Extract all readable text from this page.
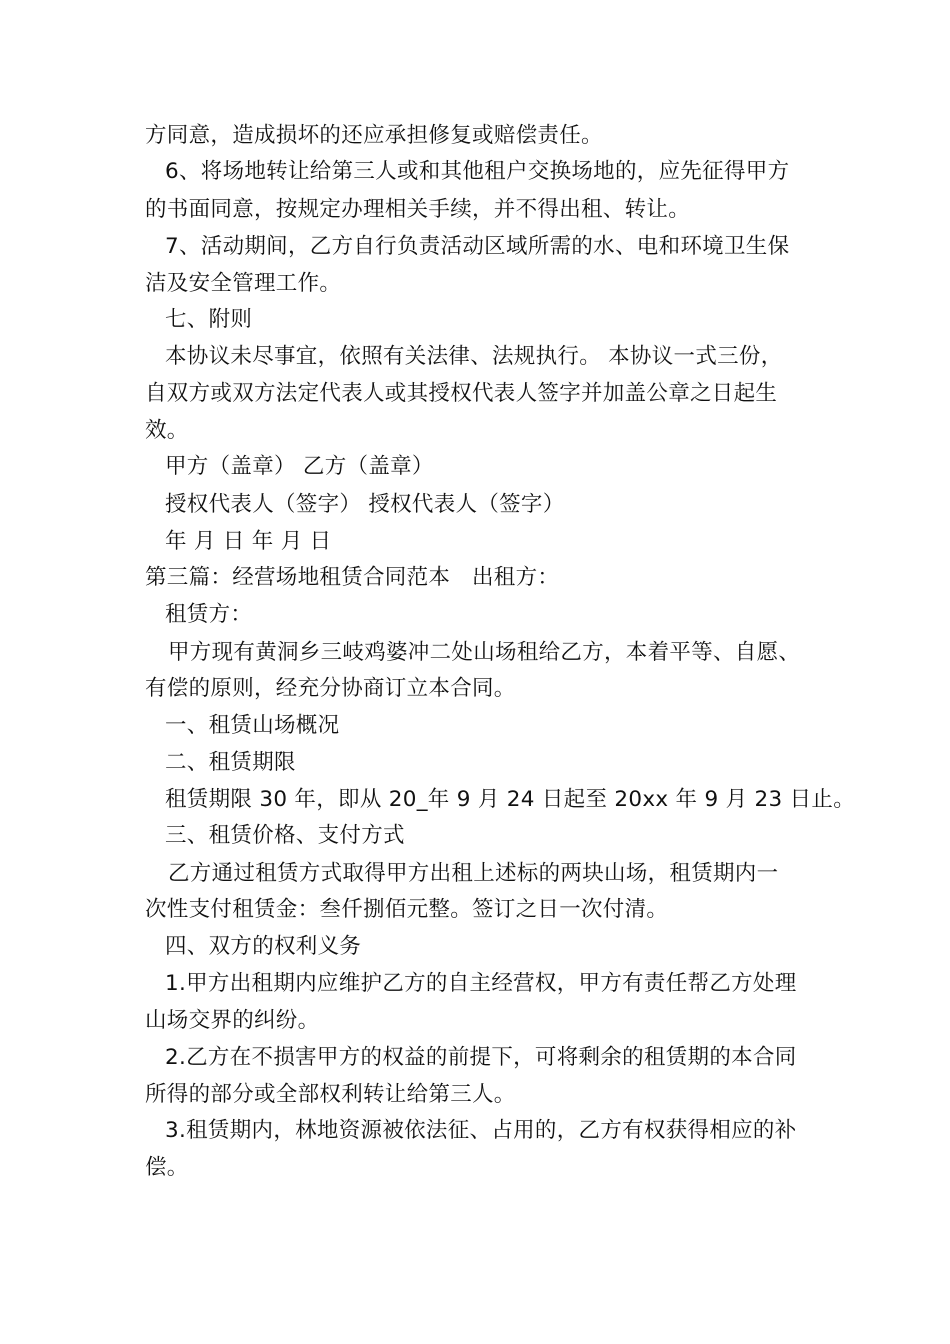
方同意，造成损坏的还应承担修复或赔偿责任。
6、将场地转让给第三人或和其他租户交换场地的，应先征得甲方
的书面同意，按规定办理相关手续，并不得出租、转让。
7、活动期间，乙方自行负责活动区域所需的水、电和环境卫生保
洁及安全管理工作。
七、附则
本协议未尽事宜，依照有关法律、法规执行。 本协议一式三份，
自双方或双方法定代表人或其授权代表人签字并加盖公章之日起生
效。
甲方（盖章） 乙方（盖章）
授权代表人（签字） 授权代表人（签字）
年 月 日 年 月 日
第三篇：经营场地租赁合同范本　出租方：
租赁方：
甲方现有黄洞乡三岐鸡婆冲二处山场租给乙方，本着平等、自愿、
有偿的原则，经充分协商订立本合同。
一、租赁山场概况
二、租赁期限
租赁期限 30 年，即从 20_年 9 月 24 日起至 20xx 年 9 月 23 日止。
三、租赁价格、支付方式
乙方通过租赁方式取得甲方出租上述标的两块山场，租赁期内一
次性支付租赁金：叁仟捌佰元整。签订之日一次付清。
四、双方的权利义务
1.甲方出租期内应维护乙方的自主经营权，甲方有责任帮乙方处理
山场交界的纠纷。
2.乙方在不损害甲方的权益的前提下，可将剩余的租赁期的本合同
所得的部分或全部权利转让给第三人。
3.租赁期内，林地资源被依法征、占用的，乙方有权获得相应的补
偿。
